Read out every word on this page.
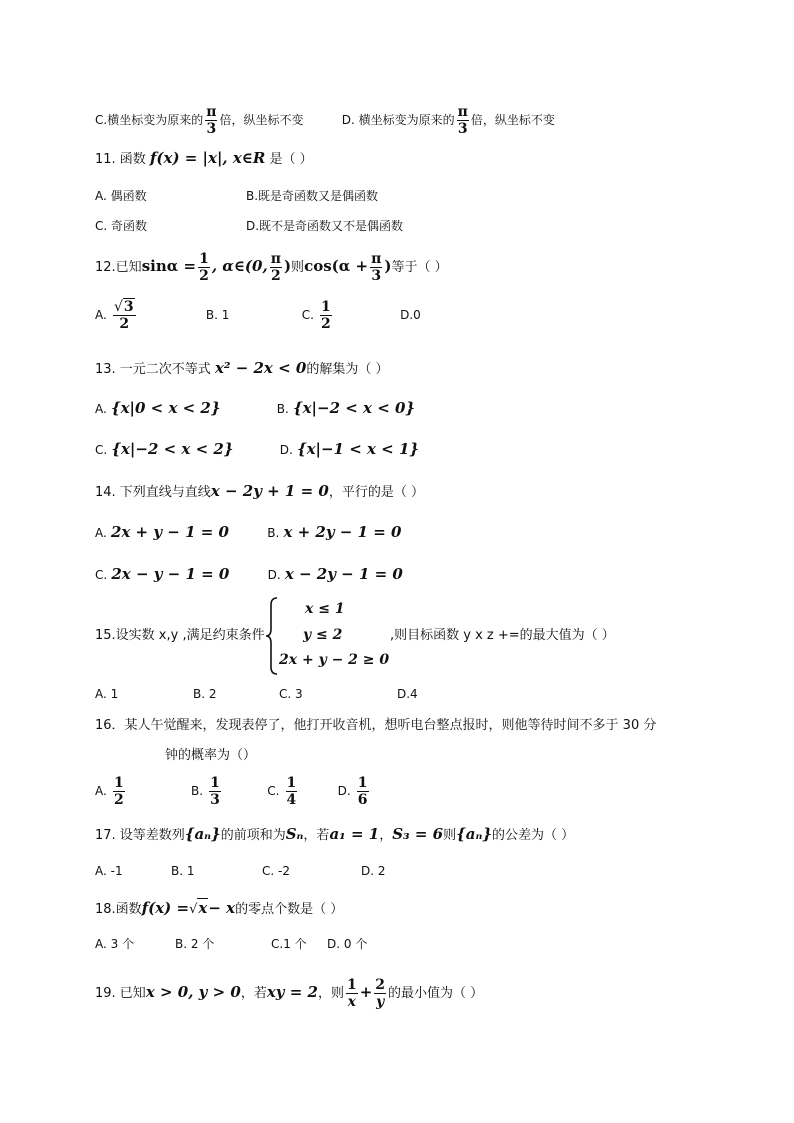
C.横坐标变为原来的 $\frac{\pi}{3}$ 倍，纵坐标不变	D. 横坐标变为原来的 $\frac{\pi}{3}$ 倍，纵坐标不变
11. 函数 f(x) = |x|, x∈R 是（ ）
A. 偶函数	B.既是奇函数又是偶函数
C. 奇函数	D.既不是奇函数又不是偶函数
12.已知$\sin\alpha = \frac{1}{2}$ , α∈(0, $\frac{\pi}{2}$ )则$\cos(\alpha + \frac{\pi}{3}$ )等于（ ）
A. $\frac{√3}{2}$	B. 1	C. $\frac{1}{2}$	D.0
13. 一元二次不等式 x² − 2x < 0的解集为（ ）
A. {x|0 < x < 2}	B. {x|−2 < x < 0}
C. {x|−2 < x < 2}	D. {x|−1 < x < 1}
14. 下列直线与直线x − 2y + 1 = 0，平行的是（ ）
A. 2x + y − 1 = 0	B. x + 2y − 1 = 0
C. 2x − y − 1 = 0	D. x − 2y − 1 = 0
15.设实数 x,y ,满足约束条件
x ≤ 1
y ≤ 2
2x + y − 2 ≥ 0
,则目标函数 y x z +=的最大值为（ ）
A. 1	B. 2	C. 3	D.4
16．某人午觉醒来，发现表停了，他打开收音机，想听电台整点报时，则他等待时间不多于 30 分
钟的概率为（）
A. $\frac{1}{2}$	B. $\frac{1}{3}$	C. $\frac{1}{4}$	D. $\frac{1}{6}$
17. 设等差数列{aₙ}的前项和为Sₙ，若a₁ = 1，S₃ = 6则{aₙ}的公差为（ ）
A. -1	B. 1	C. -2	D. 2
18.函数f(x) =√x− x的零点个数是（ ）
A. 3 个	B. 2 个	C.1 个 D. 0 个
19. 已知x > 0, y > 0，若xy = 2，则 $\frac{1}{x} + \frac{2}{y}$ 的最小值为（ ）
